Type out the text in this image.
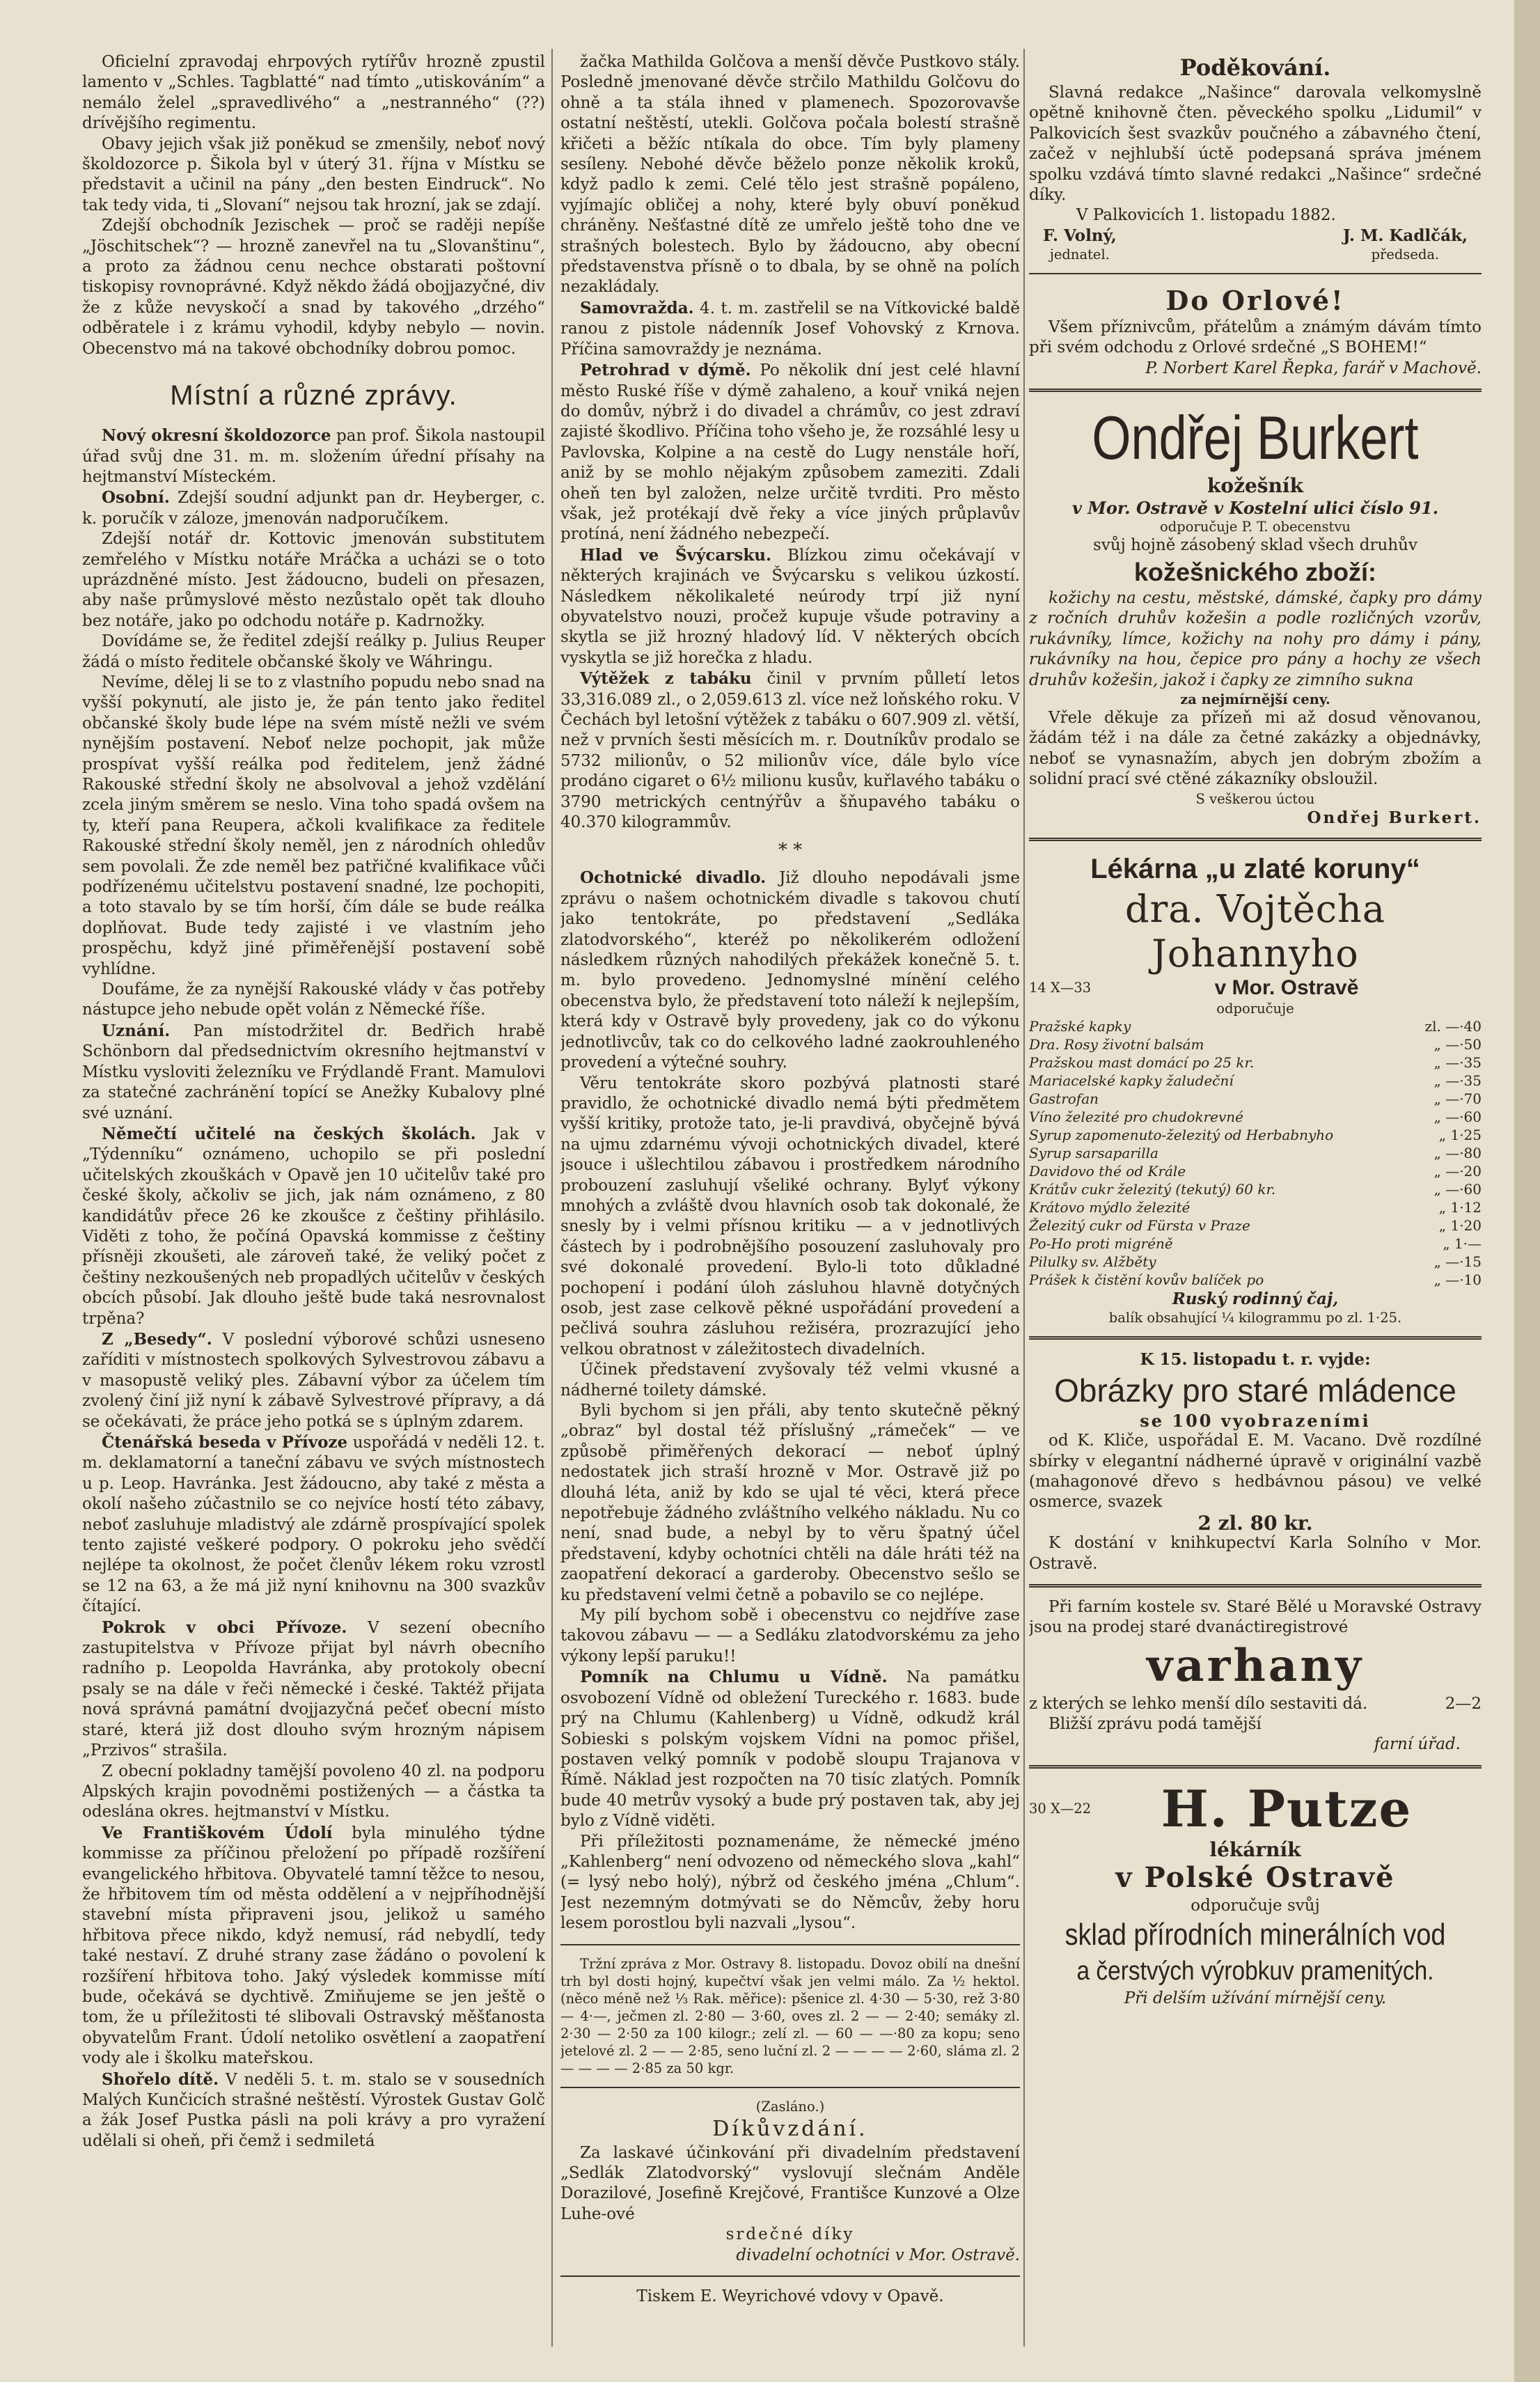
Oficielní zpravodaj ehrpových rytířův hrozně zpustil lamento v „Schles. Tagblatté“ nad tímto „utiskováním“ a nemálo želel „spravedlivého“ a „nestranného“ (??) drívějšího regimentu.

Obavy jejich však již poněkud se zmenšily, neboť nový školdozorce p. Šikola byl v úterý 31. října v Místku se představit a učinil na pány „den besten Eindruck“. No tak tedy vida, ti „Slovaní“ nejsou tak hrozní, jak se zdají.

Zdejší obchodník Jezischek — proč se raději nepíše „Jöschitschek“? — hrozně zanevřel na tu „Slovanštinu“, a proto za žádnou cenu nechce obstarati poštovní tiskopisy rovnoprávné. Když někdo žádá obojjazyčné, div že z kůže nevyskočí a snad by takového „drzého“ odběratele i z krámu vyhodil, kdyby nebylo — novin. Obecenstvo má na takové obchodníky dobrou pomoc.

Místní a různé zprávy.

Nový okresní školdozorce pan prof. Šikola nastoupil úřad svůj dne 31. m. m. složením úřední přísahy na hejtmanství Místeckém.

Osobní. Zdejší soudní adjunkt pan dr. Heyberger, c. k. poručík v záloze, jmenován nadporučíkem.

Zdejší notář dr. Kottovic jmenován substitutem zemřelého v Místku notáře Mráčka a ucházi se o toto uprázdněné místo. Jest žádoucno, budeli on přesazen, aby naše průmyslové město nezůstalo opět tak dlouho bez notáře, jako po odchodu notáře p. Kadrnožky.

Dovídáme se, že ředitel zdejší reálky p. Julius Reuper žádá o místo ředitele občanské školy ve Wáhringu.

Nevíme, dělej li se to z vlastního popudu nebo snad na vyšší pokynutí, ale jisto je, že pán tento jako ředitel občanské školy bude lépe na svém místě nežli ve svém nynějším postavení. Neboť nelze pochopit, jak může prospívat vyšší reálka pod ředitelem, jenž žádné Rakouské střední školy ne absolvoval a jehož vzdělání zcela jiným směrem se neslo. Vina toho spadá ovšem na ty, kteří pana Reupera, ačkoli kvalifikace za ředitele Rakouské střední školy neměl, jen z národních ohledův sem povolali. Že zde neměl bez patřičné kvalifikace vůči podřízenému učitelstvu postavení snadné, lze pochopiti, a toto stavalo by se tím horší, čím dále se bude reálka doplňovat. Bude tedy zajisté i ve vlastním jeho prospěchu, když jiné přiměřenější postavení sobě vyhlídne.

Doufáme, že za nynější Rakouské vlády v čas potřeby nástupce jeho nebude opět volán z Německé říše.

Uznání. Pan místodržitel dr. Bedřich hrabě Schönborn dal předsednictvím okresního hejtmanství v Místku vysloviti železníku ve Frýdlandě Frant. Mamulovi za statečné zachránění topící se Anežky Kubalovy plné své uznání.

Němečtí učitelé na českých školách. Jak v „Týdenníku“ oznámeno, uchopilo se při poslední učitelských zkouškách v Opavě jen 10 učitelův také pro české školy, ačkoliv se jich, jak nám oznámeno, z 80 kandidátův přece 26 ke zkoušce z češtiny přihlásilo. Viděti z toho, že počíná Opavská kommisse z češtiny přísněji zkoušeti, ale zároveň také, že veliký počet z češtiny nezkoušených neb propadlých učitelův v českých obcích působí. Jak dlouho ještě bude taká nesrovnalost trpěna?

Z „Besedy“. V poslední výborové schůzi usneseno zaříditi v místnostech spolkových Sylvestrovou zábavu a v masopustě veliký ples. Zábavní výbor za účelem tím zvolený činí již nyní k zábavě Sylvestrové přípravy, a dá se očekávati, že práce jeho potká se s úplným zdarem.

Čtenářská beseda v Přívoze uspořádá v neděli 12. t. m. deklamatorní a taneční zábavu ve svých místnostech u p. Leop. Havránka. Jest žádoucno, aby také z města a okolí našeho zúčastnilo se co nejvíce hostí této zábavy, neboť zasluhuje mladistvý ale zdárně prospívající spolek tento zajisté veškeré podpory. O pokroku jeho svědčí nejlépe ta okolnost, že počet členův lékem roku vzrostl se 12 na 63, a že má již nyní knihovnu na 300 svazkův čítající.

Pokrok v obci Přívoze. V sezení obecního zastupitelstva v Přívoze přijat byl návrh obecního radního p. Leopolda Havránka, aby protokoly obecní psaly se na dále v řeči německé i české. Taktéž přijata nová správná památní dvojjazyčná pečeť obecní místo staré, která již dost dlouho svým hrozným nápisem „Przivos“ strašila.

Z obecní pokladny tamější povoleno 40 zl. na podporu Alpských krajin povodněmi postižených — a částka ta odeslána okres. hejtmanství v Místku.

Ve Františkovém Údolí byla minulého týdne kommisse za příčinou přeložení po případě rozšíření evangelického hřbitova. Obyvatelé tamní těžce to nesou, že hřbitovem tím od města oddělení a v nejpříhodnější stavební místa připraveni jsou, jelikož u samého hřbitova přece nikdo, když nemusí, rád nebydlí, tedy také nestaví. Z druhé strany zase žádáno o povolení k rozšíření hřbitova toho. Jaký výsledek kommisse mítí bude, očekává se dychtivě. Zmiňujeme se jen ještě o tom, že u příležitosti té slibovali Ostravský měšťanostа obyvatelům Frant. Údolí netoliko osvětlení a zaopatření vody ale i školku mateřskou.

Shořelo dítě. V neděli 5. t. m. stalo se v sousedních Malých Kunčicích strašné neštěstí. Výrostek Gustav Golč a žák Josef Pustka pásli na poli krávy a pro vyražení udělali si oheň, při čemž i sedmiletá

žačka Mathilda Golčova a menší děvče Pustkovo stály. Posledně jmenované děvče strčilo Mathildu Golčovu do ohně a ta stála ihned v plamenech. Spozorovavše ostatní neštěstí, utekli. Golčova počala bolestí strašně křičeti a běžíc ntíkala do obce. Tím byly plameny sesíleny. Nebohé děvče běželo ponze několik kroků, když padlo k zemi. Celé tělo jest strašně popáleno, vyjímajíc obličej a nohy, které byly obuví poněkud chráněny. Nešťastné dítě ze umřelo ještě toho dne ve strašných bolestech. Bylo by žádoucno, aby obecní představenstva přísně o to dbala, by se ohně na polích nezakládaly.

Samovražda. 4. t. m. zastřelil se na Vítkovické baldě ranou z pistole nádenník Josef Vohovský z Krnova. Příčina samovraždy je neznáma.

Petrohrad v dýmě. Po několik dní jest celé hlavní město Ruské říše v dýmě zahaleno, a kouř vniká nejen do domův, nýbrž i do divadel a chrámův, co jest zdraví zajisté škodlivo. Příčina toho všeho je, že rozsáhlé lesy u Pavlovska, Kolpine a na cestě do Lugy nenstále hoří, aniž by se mohlo nějakým způsobem zameziti. Zdali oheň ten byl založen, nelze určitě tvrditi. Pro město však, jež protékají dvě řeky a více jiných průplavův protíná, není žádného nebezpečí.

Hlad ve Švýcarsku. Blízkou zimu očekávají v některých krajinách ve Švýcarsku s velikou úzkostí. Následkem několikaleté neúrody trpí již nyní obyvatelstvo nouzi, pročež kupuje všude potraviny a skytla se již hrozný hladový líd. V některých obcích vyskytla se již horečka z hladu.

Výtěžek z tabáku činil v prvním půlletí letos 33,316.089 zl., o 2,059.613 zl. více než loňského roku. V Čechách byl letošní výtěžek z tabáku o 607.909 zl. větší, než v prvních šesti měsících m. r. Doutníkův prodalo se 5732 milionův, o 52 milionův více, dále bylo více prodáno cigaret o 6½ milionu kusův, kuřlavého tabáku o 3790 metrických centnýřův a šňupavého tabáku o 40.370 kilogrammův.

* *

Ochotnické divadlo. Již dlouho nepodávali jsme zprávu o našem ochotnickém divadle s takovou chutí jako tentokráte, po představení „Sedláka zlatodvorského“, kteréž po několikerém odložení následkem různých nahodilých překážek konečně 5. t. m. bylo provedeno. Jednomyslné mínění celého obecenstva bylo, že představení toto náleží k nejlepším, která kdy v Ostravě byly provedeny, jak co do výkonu jednotlivcův, tak co do celkového ladné zaokrouhleného provedení a výtečné souhry.

Věru tentokráte skoro pozbývá platnosti staré pravidlo, že ochotnické divadlo nemá býti předmětem vyšší kritiky, protože tato, je-li pravdivá, obyčejně bývá na ujmu zdarnému vývoji ochotnických divadel, které jsouce i ušlechtilou zábavou i prostředkem národního probouzení zasluhují všeliké ochrany. Bylyť výkony mnohých a zvláště dvou hlavních osob tak dokonalé, že snesly by i velmi přísnou kritiku — a v jednotlivých částech by i podrobnějšího posouzení zasluhovaly pro své dokonalé provedení. Bylo-li toto důkladné pochopení i podání úloh zásluhou hlavně dotyčných osob, jest zase celkově pěkné uspořádání provedení a pečlivá souhra zásluhou režiséra, prozrazující jeho velkou obratnost v záležitostech divadelních.

Účinek představení zvyšovaly též velmi vkusné a nádherné toilety dámské.

Byli bychom si jen přáli, aby tento skutečně pěkný „obraz“ byl dostal též příslušný „rámeček“ — ve způsobě přiměřených dekorací — neboť úplný nedostatek jich straší hrozně v Mor. Ostravě již po dlouhá léta, aniž by kdo se ujal té věci, která přece nepotřebuje žádného zvláštního velkého nákladu. Nu co není, snad bude, a nebyl by to věru špatný účel představení, kdyby ochotníci chtěli na dále hráti též na zaopatření dekorací a garderoby. Obecenstvo sešlo se ku představení velmi četně a pobavilo se co nejlépe.

My pilí bychom sobě i obecenstvu co nejdříve zase takovou zábavu — — a Sedláku zlatodvorskému za jeho výkony lepší paruku!!

Pomník na Chlumu u Vídně. Na památku osvobození Vídně od obležení Tureckého r. 1683. bude prý na Chlumu (Kahlenberg) u Vídně, odkudž král Sobieski s polským vojskem Vídni na pomoc přišel, postaven velký pomník v podobě sloupu Trajanova v Římě. Náklad jest rozpočten na 70 tisíc zlatých. Pomník bude 40 metrův vysoký a bude prý postaven tak, aby jej bylo z Vídně viděti.

Při příležitosti poznamenáme, že německé jméno „Kahlenberg“ není odvozeno od německého slova „kahl“ (= lysý nebo holý), nýbrž od českého jména „Chlum“. Jest nezemným dotmývati se do Němcův, žeby horu lesem porostlou byli nazvali „lysou“.

Tržní zpráva z Mor. Ostravy 8. listopadu. Dovoz obilí na dnešní trh byl dosti hojný, kupečtví však jen velmi málo. Za ½ hektol. (něco méně než ⅓ Rak. měřice): pšenice zl. 4·30 — 5·30, rež 3·80 — 4·—, ječmen zl. 2·80 — 3·60, oves zl. 2 — — 2·40; semáky zl. 2·30 — 2·50 za 100 kilogr.; zelí zl. — 60 — —·80 za kopu; seno jetelové zl. 2 — — 2·85, seno luční zl. 2 — — — — 2·60, sláma zl. 2 — — — — 2·85 za 50 kgr.

(Zasláno.)

Díkůvzdání.

Za laskavé účinkování při divadelním představení „Sedlák Zlatodvorský“ vyslovují slečnám Anděle Dorazilové, Josefině Krejčové, Františce Kunzové a Olze Luhe-ové

srdečné díky

divadelní ochotníci v Mor. Ostravě.

Tiskem E. Weyrichové vdovy v Opavě.

Poděkování.

Slavná redakce „Našince“ darovala velkomyslně opětně knihovně čten. pěveckého spolku „Lidumil“ v Palkovicích šest svazkův poučného a zábavného čtení, začež v nejhlubší úctě podepsaná správa jménem spolku vzdává tímto slavné redakci „Našince“ srdečné díky.

V Palkovicích 1. listopadu 1882.

F. Volný,
jednatel.
J. M. Kadlčák,
předseda.

Do Orlové!

Všem příznivcům, přátelům a známým dávám tímto při svém odchodu z Orlové srdečné „S BOHEM!“

P. Norbert Karel Řepka, farář v Machově.

Ondřej Burkert

kožešník

v Mor. Ostravě v Kostelní ulici číslo 91.

odporučuje P. T. obecenstvu

svůj hojně zásobený sklad všech druhův

kožešnického zboží:

kožichy na cestu, městské, dámské, čapky pro dámy z ročních druhův kožešin a podle rozličných vzorův, rukávníky, límce, kožichy na nohy pro dámy i pány, rukávníky na hou, čepice pro pány a hochy ze všech druhův kožešin, jakož i čapky ze zimního sukna

za nejmírnější ceny.

Vřele děkuje za přízeň mi až dosud věnovanou, žádám též i na dále za četné zakázky a objednávky, neboť se vynasnažím, abych jen dobrým zbožím a solidní prací své ctěné zákazníky obsloužil.

S veškerou úctou

Ondřej Burkert.

Lékárna „u zlaté koruny“
dra. Vojtěcha Johannyho
14 X—33	v Mor. Ostravě

odporučuje

Pražské kapky	zl. —·40
Dra. Rosy životní balsám	„ —·50
Pražskou mast domácí po 25 kr.	„ —·35
Mariacelské kapky žaludeční	„ —·35
Gastrofan	„ —·70
Víno železité pro chudokrevné	„ —·60
Syrup zapomenuto-železitý od Herbabnyho	„ 1·25
Syrup sarsaparilla	„ —·80
Davidovo thé od Krále	„ —·20
Krátův cukr železitý (tekutý) 60 kr.	„ —·60
Krátovo mýdlo železité	„ 1·12
Železitý cukr od Fürsta v Praze	„ 1·20
Po-Ho proti migréně	„ 1·—
Pilulky sv. Alžběty	„ —·15
Prášek k čistění kovův balíček po	„ —·10

Ruský rodinný čaj,

balík obsahující ¼ kilogrammu po zl. 1·25.

K 15. listopadu t. r. vyjde:

Obrázky pro staré mládence

se 100 vyobrazeními

od K. Kliče, uspořádal E. M. Vacano. Dvě rozdílné sbírky v elegantní nádherné úpravě v originální vazbě (mahagonové dřevo s hedbávnou pásou) ve velké osmerce, svazek

2 zl. 80 kr.

K dostání v knihkupectví Karla Solního v Mor. Ostravě.

Při farním kostele sv. Staré Bělé u Moravské Ostravy jsou na prodej staré dvanáctiregistrové

varhany
z kterých se lehko menší dílo sestaviti dá.	2—2

Bližší zprávu podá tamější

farní úřad.

30 X—22	H. Putze

lékárník

v Polské Ostravě

odporučuje svůj

sklad přírodních minerálních vod
a čerstvých výrobkuv pramenitých.

Při delším užívání mírnější ceny.
